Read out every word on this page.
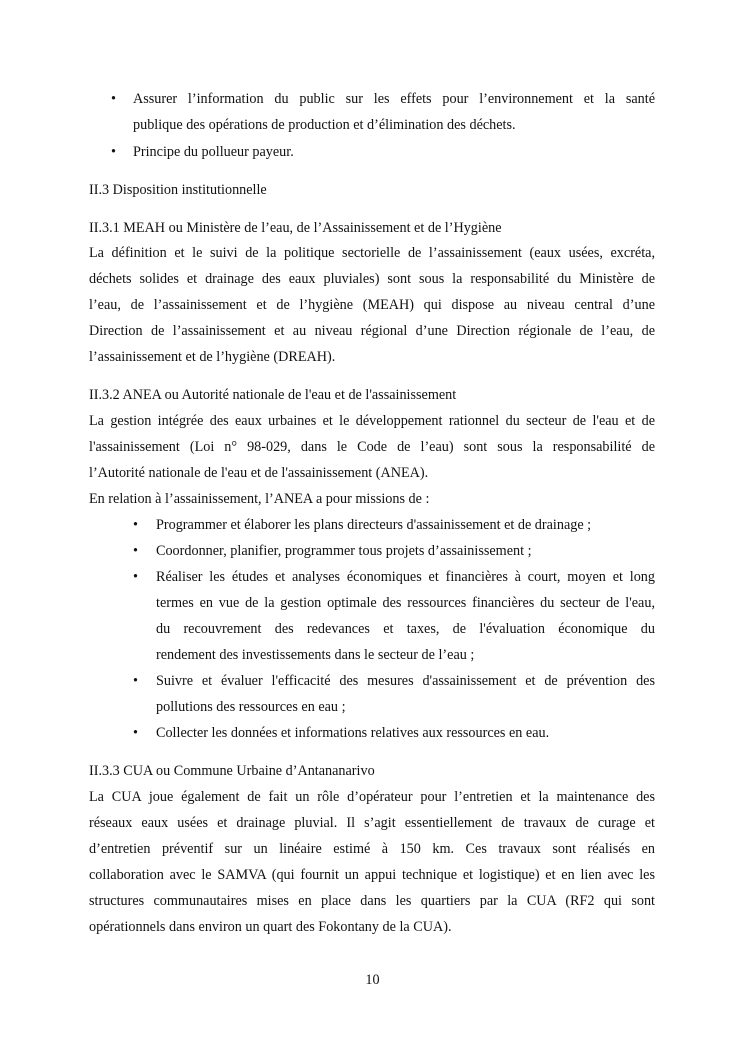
• Assurer l’information du public sur les effets pour l’environnement et la santé
publique des opérations de production et d’élimination des déchets.
• Principe du pollueur payeur.
II.3 Disposition institutionnelle
II.3.1 MEAH ou Ministère de l’eau, de l’Assainissement et de l’Hygiène
La définition et le suivi de la politique sectorielle de l’assainissement (eaux usées, excréta,
déchets solides et drainage des eaux pluviales) sont sous la responsabilité du Ministère de
l’eau, de l’assainissement et de l’hygiène (MEAH) qui dispose au niveau central d’une
Direction de l’assainissement et au niveau régional d’une Direction régionale de l’eau, de
l’assainissement et de l’hygiène (DREAH).
II.3.2 ANEA ou Autorité nationale de l'eau et de l'assainissement
La gestion intégrée des eaux urbaines et le développement rationnel du secteur de l'eau et de
l'assainissement (Loi n° 98-029, dans le Code de l’eau) sont sous la responsabilité de
l’Autorité nationale de l'eau et de l'assainissement (ANEA).
En relation à l’assainissement, l’ANEA a pour missions de :
• Programmer et élaborer les plans directeurs d'assainissement et de drainage ;
• Coordonner, planifier, programmer tous projets d’assainissement ;
• Réaliser les études et analyses économiques et financières à court, moyen et long
termes en vue de la gestion optimale des ressources financières du secteur de l'eau,
du recouvrement des redevances et taxes, de l'évaluation économique du
rendement des investissements dans le secteur de l’eau ;
• Suivre et évaluer l'efficacité des mesures d'assainissement et de prévention des
pollutions des ressources en eau ;
• Collecter les données et informations relatives aux ressources en eau.
II.3.3 CUA ou Commune Urbaine d’Antananarivo
La CUA joue également de fait un rôle d’opérateur pour l’entretien et la maintenance des
réseaux eaux usées et drainage pluvial. Il s’agit essentiellement de travaux de curage et
d’entretien préventif sur un linéaire estimé à 150 km. Ces travaux sont réalisés en
collaboration avec le SAMVA (qui fournit un appui technique et logistique) et en lien avec les
structures communautaires mises en place dans les quartiers par la CUA (RF2 qui sont
opérationnels dans environ un quart des Fokontany de la CUA).
10
